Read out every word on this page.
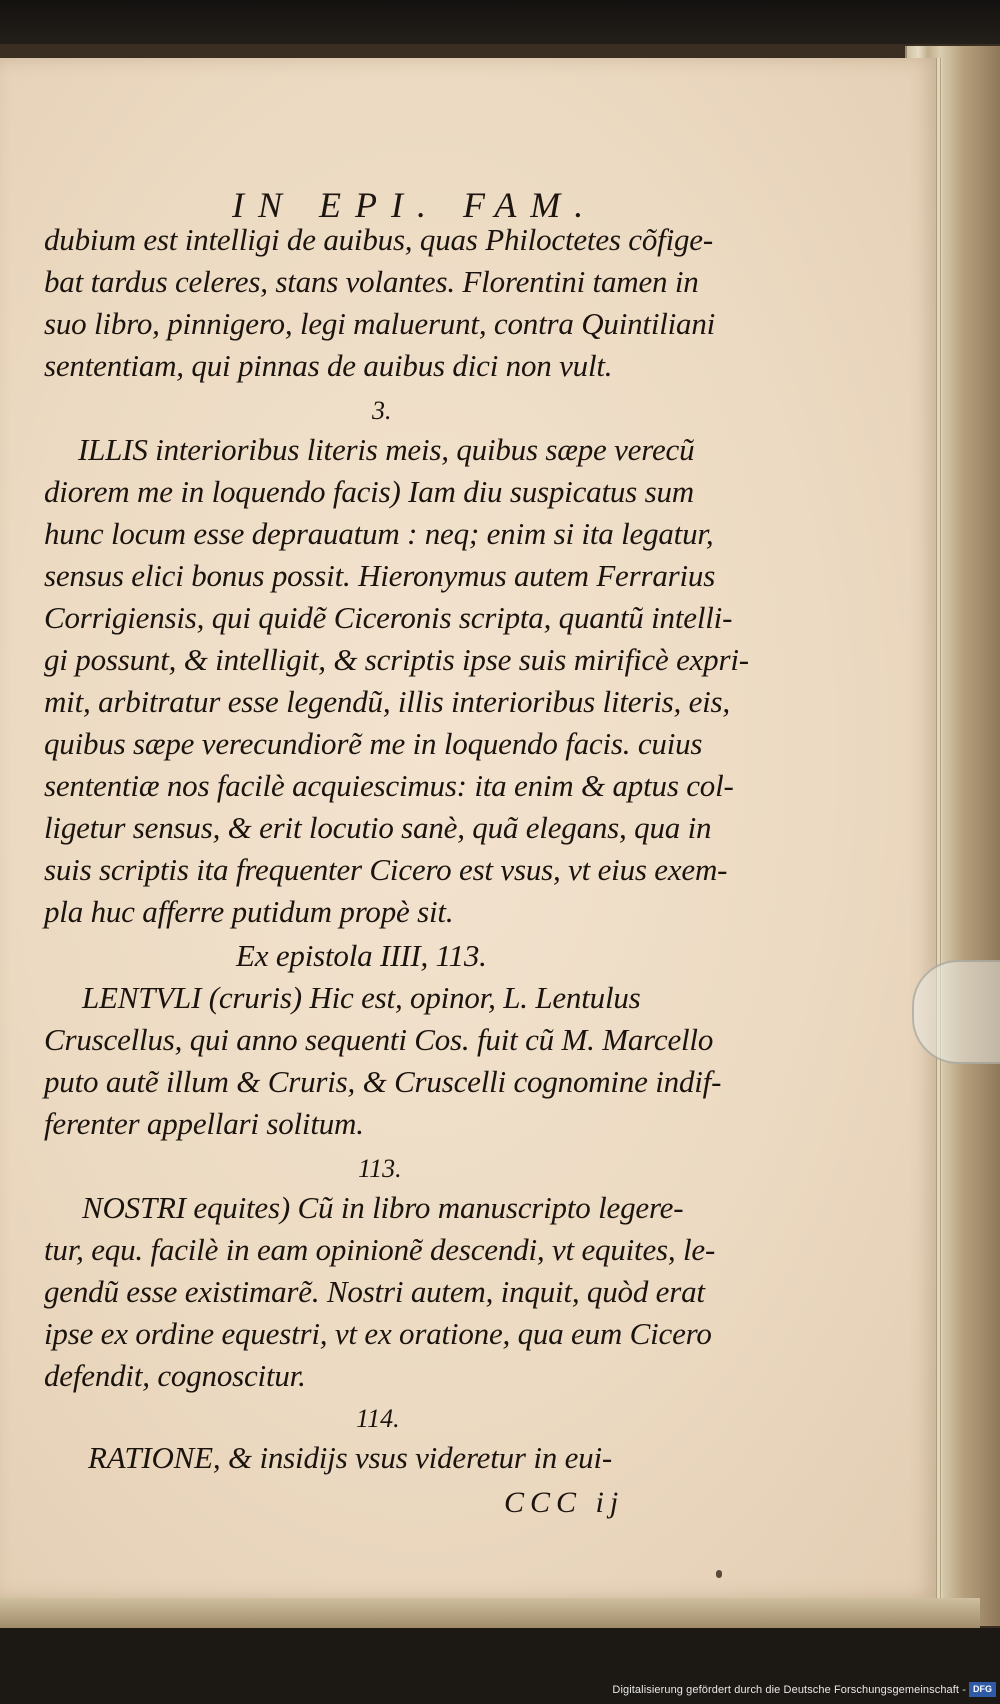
IN EPI. FAM.
dubium est intelligi de auibus, quas Philoctetes cõfige-
bat tardus celeres, stans volantes. Florentini tamen in
suo libro, pinnigero, legi maluerunt, contra Quintiliani
sententiam, qui pinnas de auibus dici non vult.
3.
ILLIS interioribus literis meis, quibus sæpe verecũ
diorem me in loquendo facis) Iam diu suspicatus sum
hunc locum esse deprauatum : neq; enim si ita legatur,
sensus elici bonus possit. Hieronymus autem Ferrarius
Corrigiensis, qui quidẽ Ciceronis scripta, quantũ intelli-
gi possunt, & intelligit, & scriptis ipse suis mirificè expri-
mit, arbitratur esse legendũ, illis interioribus literis, eis,
quibus sæpe verecundiorẽ me in loquendo facis. cuius
sententiæ nos facilè acquiescimus: ita enim & aptus col-
ligetur sensus, & erit locutio sanè, quã elegans, qua in
suis scriptis ita frequenter Cicero est vsus, vt eius exem-
pla huc afferre putidum propè sit.
Ex epistola IIII, 113.
LENTVLI (cruris) Hic est, opinor, L. Lentulus
Cruscellus, qui anno sequenti Cos. fuit cũ M. Marcello
puto autẽ illum & Cruris, & Cruscelli cognomine indif-
ferenter appellari solitum.
113.
NOSTRI equites) Cũ in libro manuscripto legere-
tur, equ. facilè in eam opinionẽ descendi, vt equites, le-
gendũ esse existimarẽ. Nostri autem, inquit, quòd erat
ipse ex ordine equestri, vt ex oratione, qua eum Cicero
defendit, cognoscitur.
114.
RATIONE, & insidijs vsus videretur in eui-
CCC ij
Digitalisierung gefördert durch die Deutsche Forschungsgemeinschaft - DFG
